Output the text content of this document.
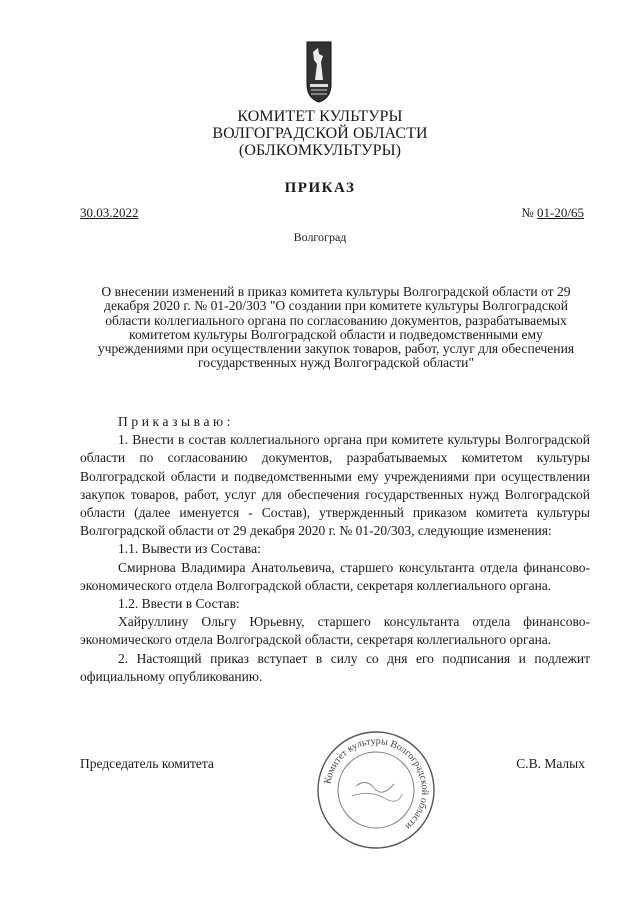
КОМИТЕТ КУЛЬТУРЫ
ВОЛГОГРАДСКОЙ ОБЛАСТИ
(ОБЛКОМКУЛЬТУРЫ)
ПРИКАЗ
30.03.2022	№ 01-20/65
Волгоград
О внесении изменений в приказ комитета культуры Волгоградской области от 29 декабря 2020 г. № 01-20/303 "О создании при комитете культуры Волгоградской области коллегиального органа по согласованию документов, разрабатываемых комитетом культуры Волгоградской области и подведомственными ему учреждениями при осуществлении закупок товаров, работ, услуг для обеспечения государственных нужд Волгоградской области"

Приказываю:

1. Внести в состав коллегиального органа при комитете культуры Волгоградской области по согласованию документов, разрабатываемых комитетом культуры Волгоградской области и подведомственными ему учреждениями при осуществлении закупок товаров, работ, услуг для обеспечения государственных нужд Волгоградской области (далее именуется - Состав), утвержденный приказом комитета культуры Волгоградской области от 29 декабря 2020 г. № 01-20/303, следующие изменения:

1.1. Вывести из Состава:

Смирнова Владимира Анатольевича, старшего консультанта отдела финансово-экономического отдела Волгоградской области, секретаря коллегиального органа.

1.2. Ввести в Состав:

Хайруллину Ольгу Юрьевну, старшего консультанта отдела финансово-экономического отдела Волгоградской области, секретаря коллегиального органа.

2. Настоящий приказ вступает в силу со дня его подписания и подлежит официальному опубликованию.

Председатель комитета	С.В. Малых
Комитет культуры Волгоградской области
